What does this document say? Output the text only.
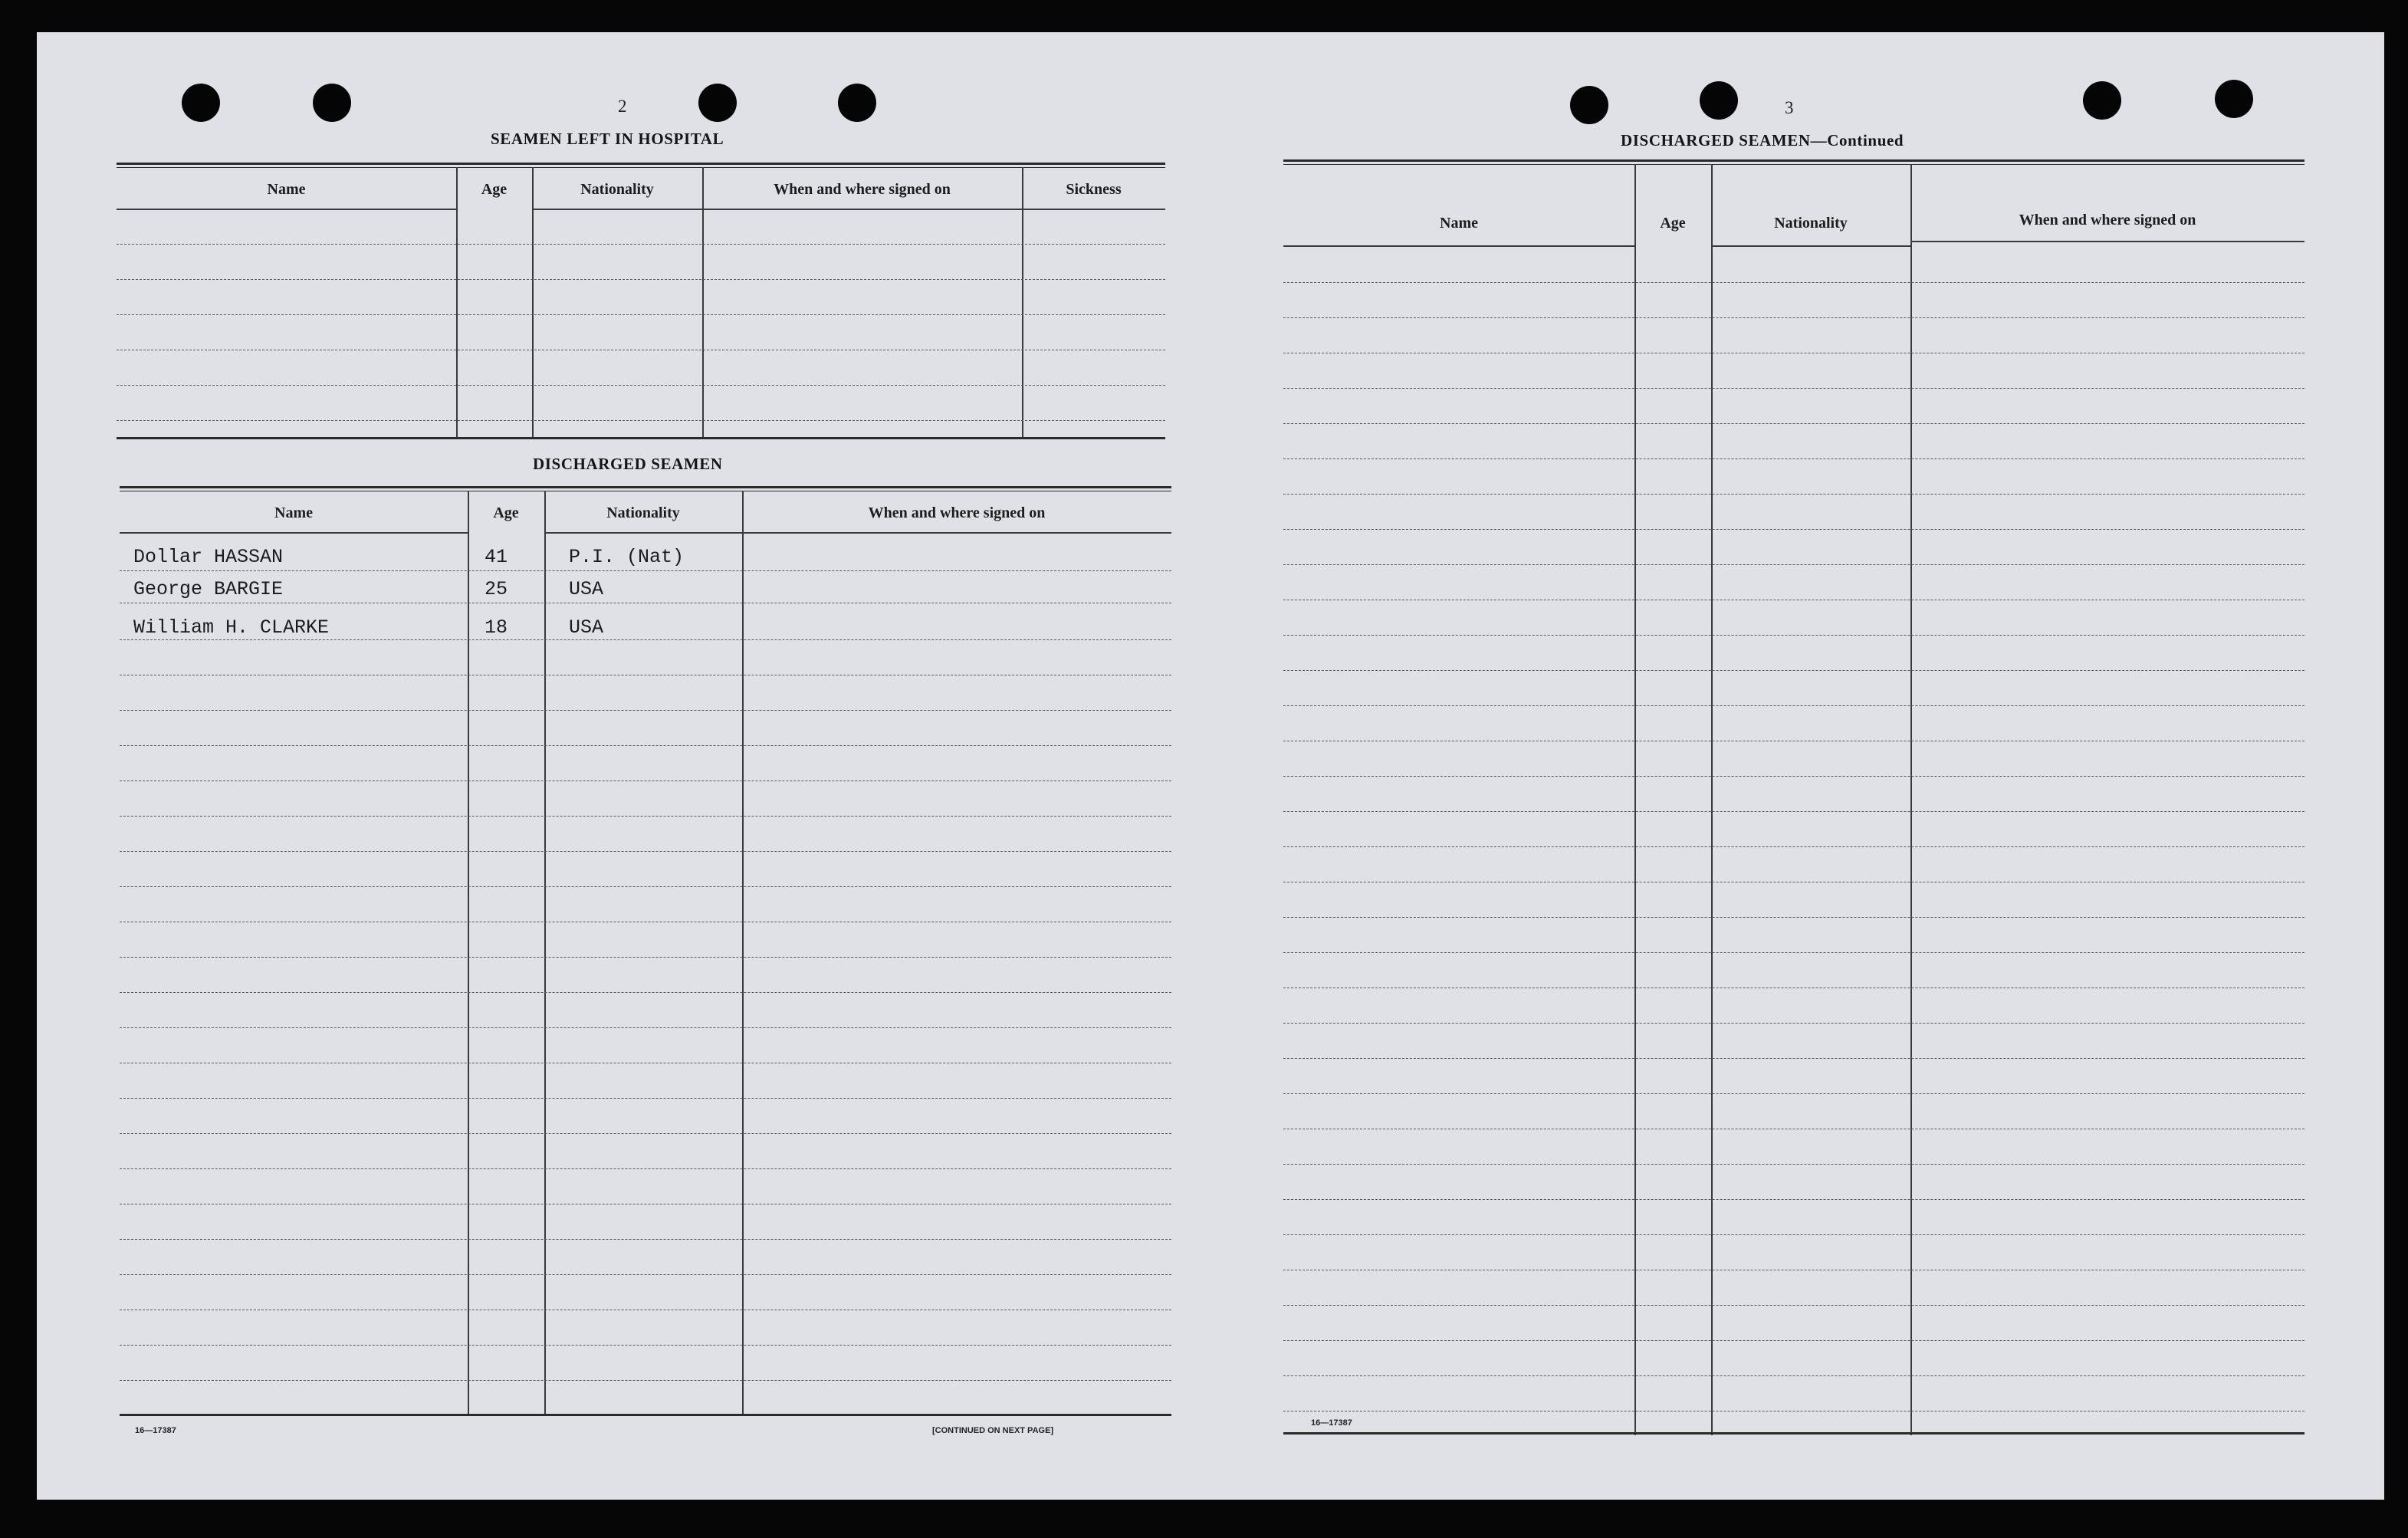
2
SEAMEN LEFT IN HOSPITAL
Name	Age	Nationality	When and where signed on	Sickness
DISCHARGED SEAMEN
Name	Age	Nationality	When and where signed on
Dollar HASSAN	41	P.I. (Nat)
George BARGIE	25	USA
William H. CLARKE	18	USA
16—17387	[CONTINUED ON NEXT PAGE]
3
DISCHARGED SEAMEN—Continued
Name	Age	Nationality	When and where signed on
16—17387
